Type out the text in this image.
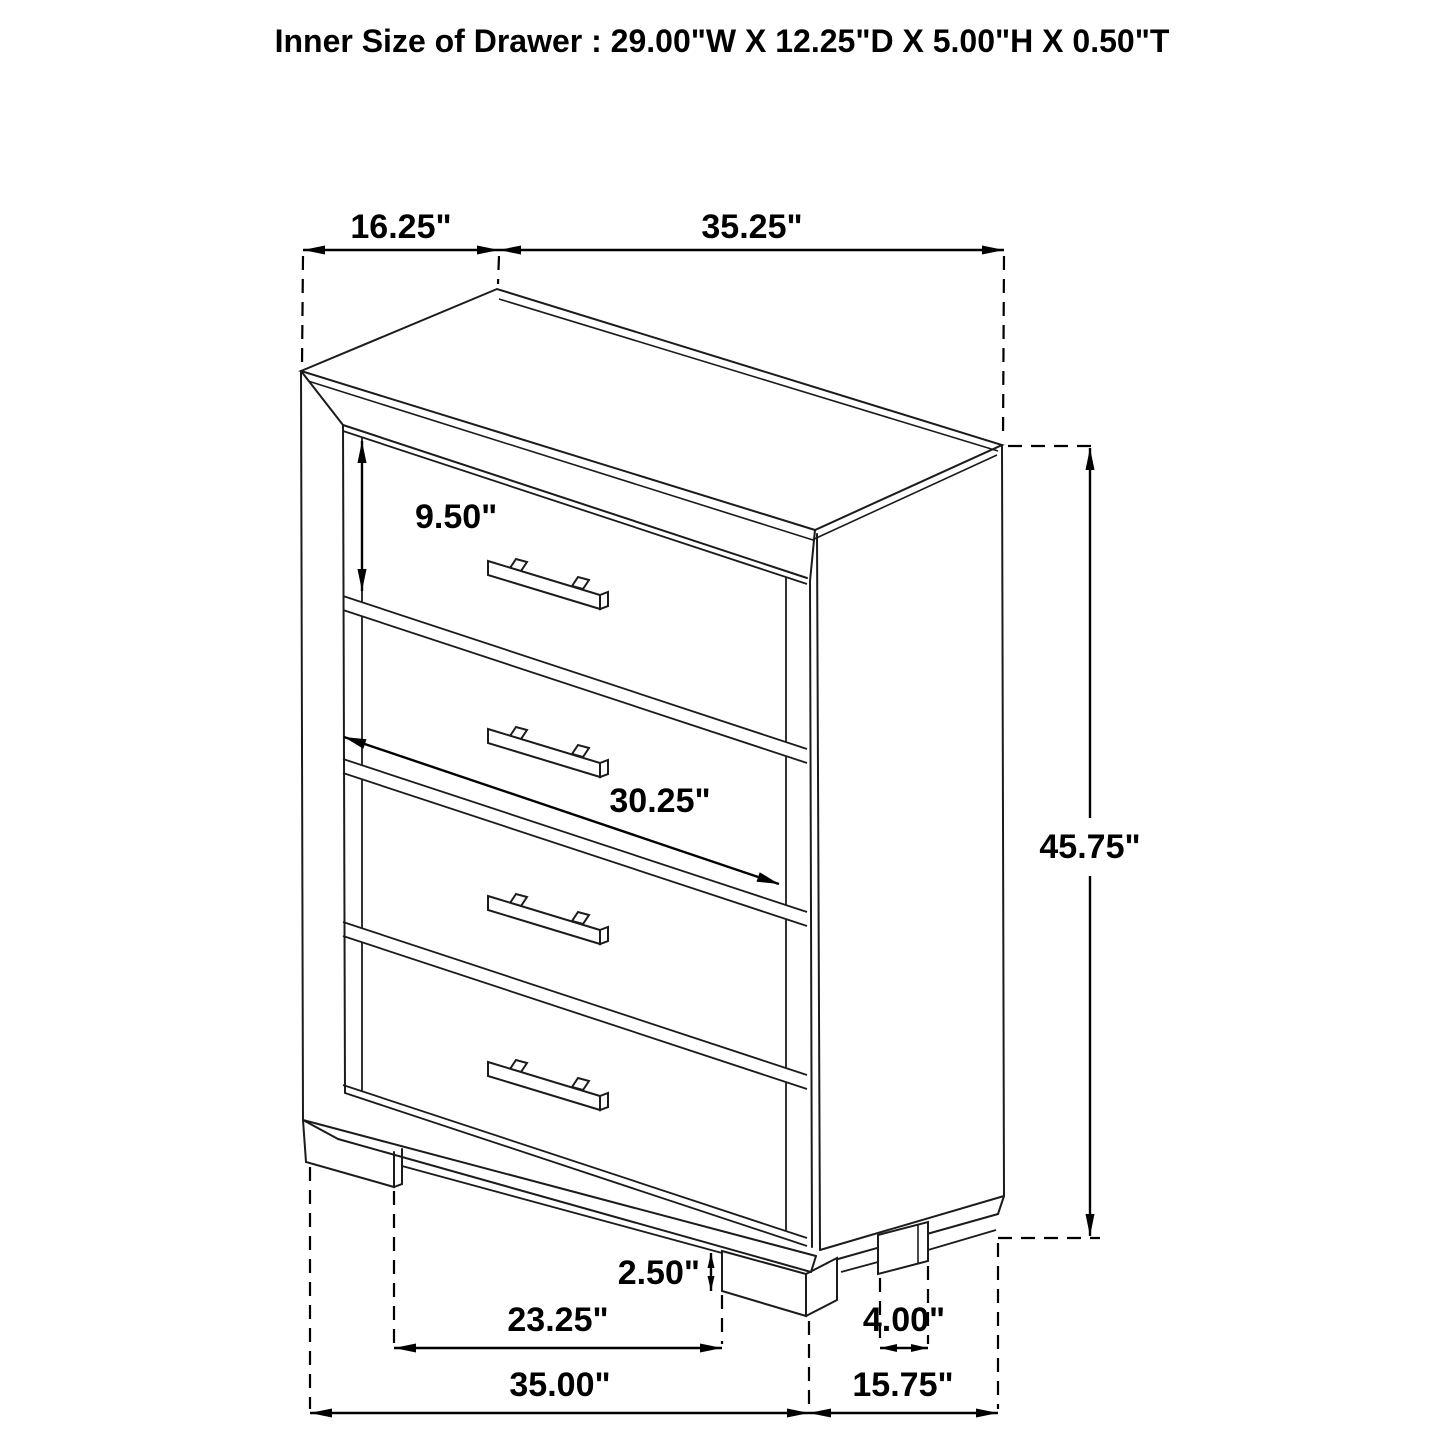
Inner Size of Drawer : 29.00"W X 12.25"D X 5.00"H X 0.50"T
16.25"	35.25"
9.50"
30.25"
45.75"
2.50"
23.25"	4.00"
35.00"	15.75"
